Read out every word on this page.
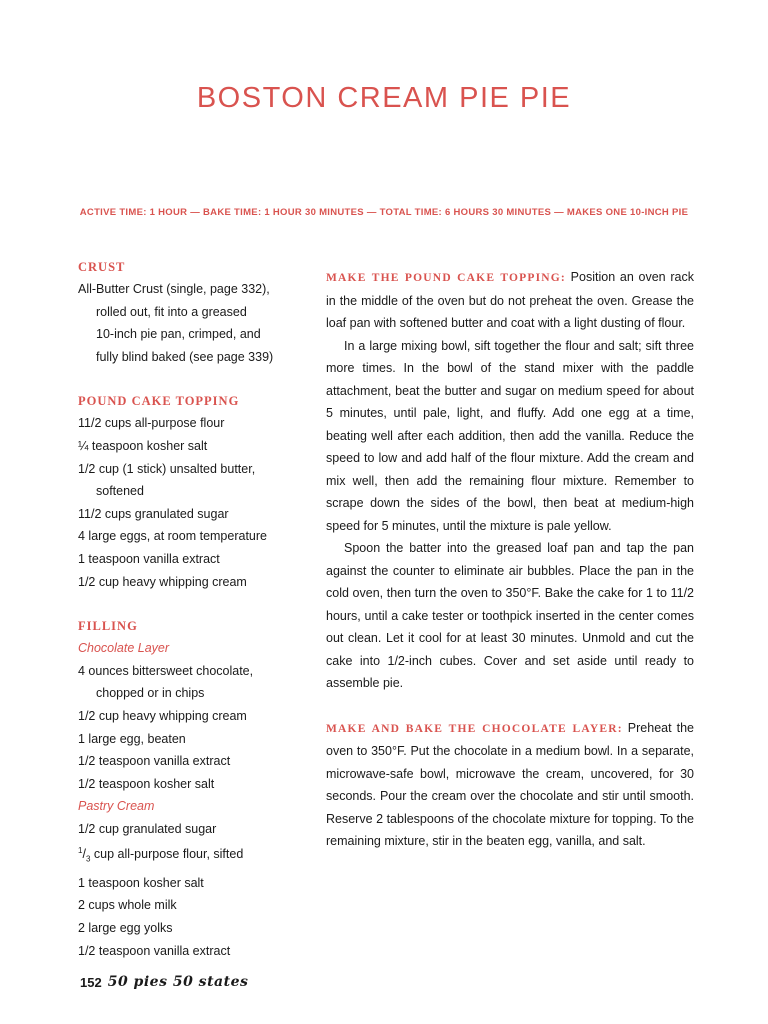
BOSTON CREAM PIE PIE
ACTIVE TIME: 1 HOUR — BAKE TIME: 1 HOUR 30 MINUTES — TOTAL TIME: 6 HOURS 30 MINUTES — MAKES ONE 10-INCH PIE
CRUST
All-Butter Crust (single, page 332),
rolled out, fit into a greased
10-inch pie pan, crimped, and
fully blind baked (see page 339)
POUND CAKE TOPPING
11/2 cups all-purpose flour
¼ teaspoon kosher salt
1/2 cup (1 stick) unsalted butter,
softened
11/2 cups granulated sugar
4 large eggs, at room temperature
1 teaspoon vanilla extract
1/2 cup heavy whipping cream
FILLING
Chocolate Layer
4 ounces bittersweet chocolate,
chopped or in chips
1/2 cup heavy whipping cream
1 large egg, beaten
1/2 teaspoon vanilla extract
1/2 teaspoon kosher salt
Pastry Cream
1/2 cup granulated sugar
$^1/_3$ cup all-purpose flour, sifted
1 teaspoon kosher salt
2 cups whole milk
2 large egg yolks
1/2 teaspoon vanilla extract

MAKE THE POUND CAKE TOPPING: Position an oven rack in the middle of the oven but do not preheat the oven. Grease the loaf pan with softened butter and coat with a light dusting of flour.

In a large mixing bowl, sift together the flour and salt; sift three more times. In the bowl of the stand mixer with the paddle attachment, beat the butter and sugar on medium speed for about 5 minutes, until pale, light, and fluffy. Add one egg at a time, beating well after each addition, then add the vanilla. Reduce the speed to low and add half of the flour mixture. Add the cream and mix well, then add the remaining flour mixture. Remember to scrape down the sides of the bowl, then beat at medium-high speed for 5 minutes, until the mixture is pale yellow.

Spoon the batter into the greased loaf pan and tap the pan against the counter to eliminate air bubbles. Place the pan in the cold oven, then turn the oven to 350°F. Bake the cake for 1 to 11/2 hours, until a cake tester or toothpick inserted in the center comes out clean. Let it cool for at least 30 minutes. Unmold and cut the cake into 1/2-inch cubes. Cover and set aside until ready to assemble pie.

MAKE AND BAKE THE CHOCOLATE LAYER: Preheat the oven to 350°F. Put the chocolate in a medium bowl. In a separate, microwave-safe bowl, microwave the cream, uncovered, for 30 seconds. Pour the cream over the chocolate and stir until smooth. Reserve 2 tablespoons of the chocolate mixture for topping. To the remaining mixture, stir in the beaten egg, vanilla, and salt.

152 50 pies 50 states
